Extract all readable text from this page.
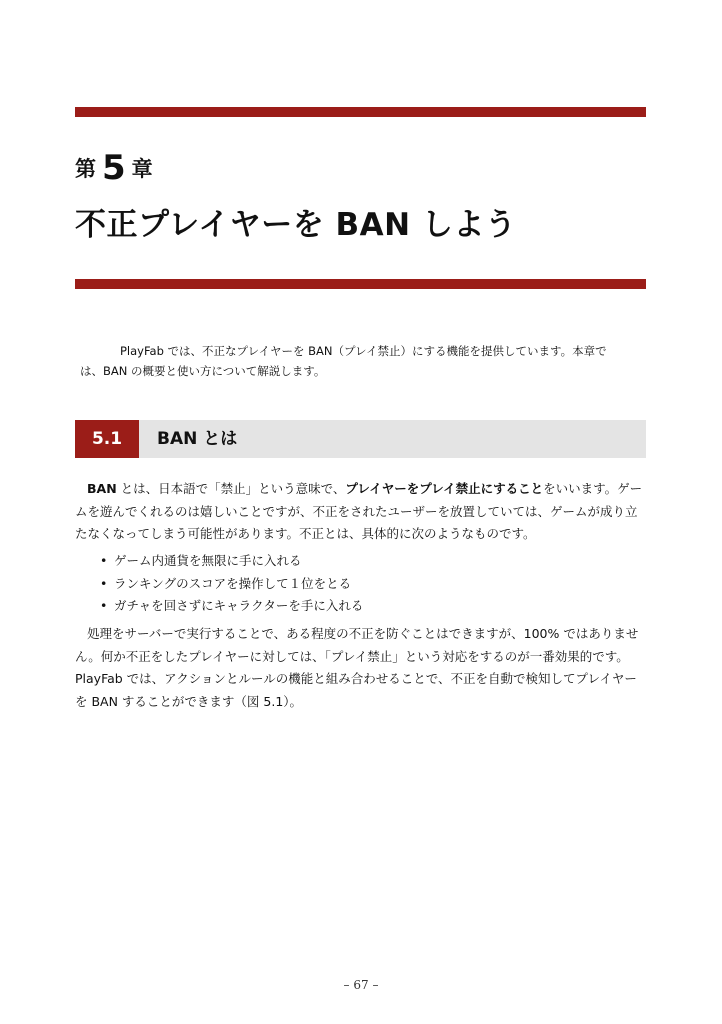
第 5 章
不正プレイヤーを BAN しよう

PlayFab では、不正なプレイヤーを BAN（プレイ禁止）にする機能を提供しています。本章で

は、BAN の概要と使い方について解説します。

5.1	BAN とは

BAN とは、日本語で「禁止」という意味で、プレイヤーをプレイ禁止にすることをいいます。ゲームを遊んでくれるのは嬉しいことですが、不正をされたユーザーを放置していては、ゲームが成り立たなくなってしまう可能性があります。不正とは、具体的に次のようなものです。

• ゲーム内通貨を無限に手に入れる
• ランキングのスコアを操作して１位をとる
• ガチャを回さずにキャラクターを手に入れる

処理をサーバーで実行することで、ある程度の不正を防ぐことはできますが、100% ではありません。何か不正をしたプレイヤーに対しては、「プレイ禁止」という対応をするのが一番効果的です。PlayFab では、アクションとルールの機能と組み合わせることで、不正を自動で検知してプレイヤーを BAN することができます（図 5.1）。

– 67 –
